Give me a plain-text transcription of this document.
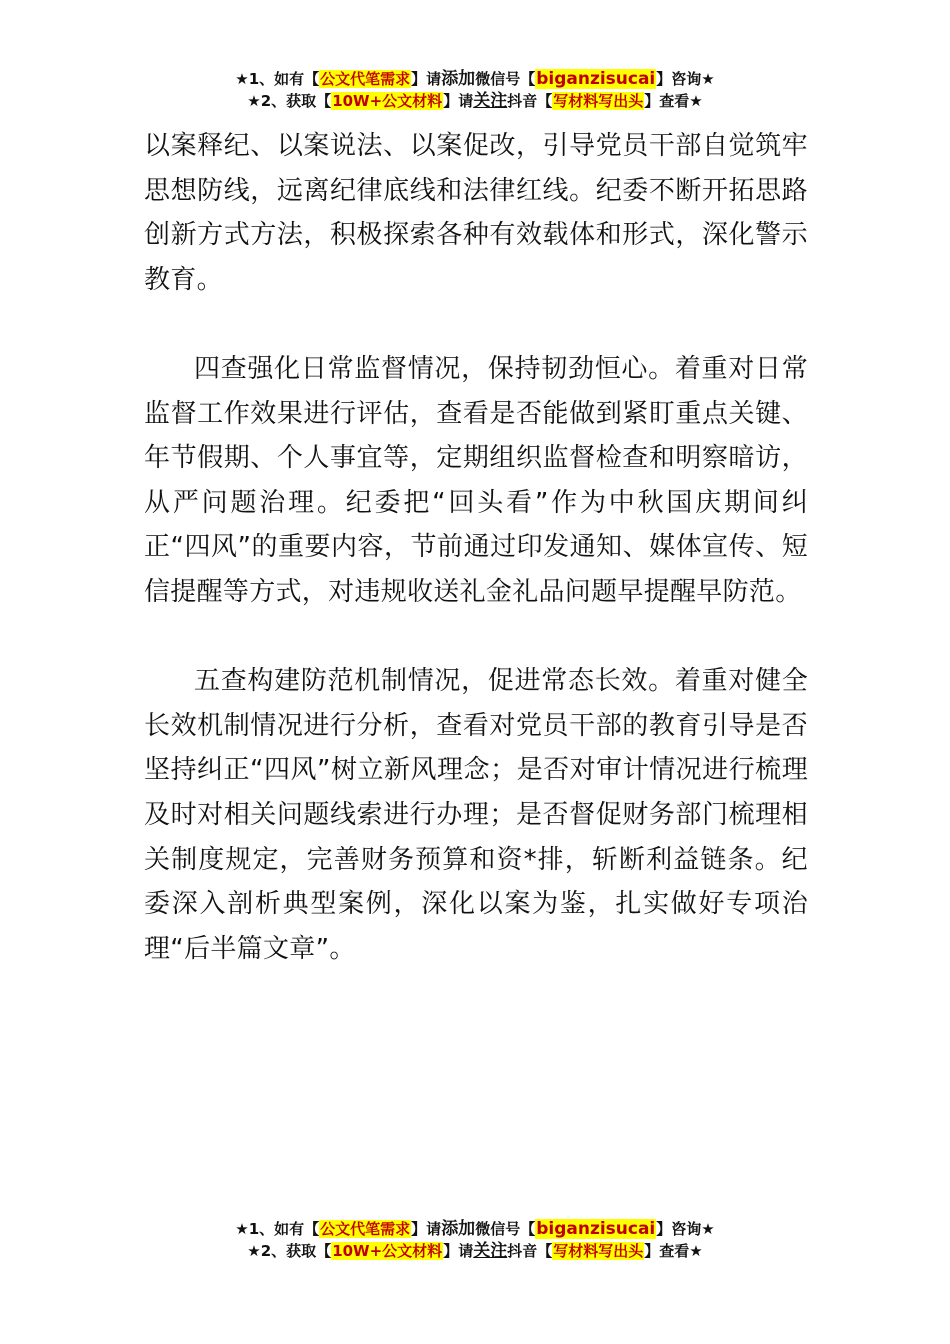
★1、如有【公文代笔需求】请添加微信号【biganzisucai】咨询★
★2、获取【10W+公文材料】请关注抖音【写材料写出头】查看★

以案释纪、以案说法、以案促改，引导党员干部自觉筑牢思想防线，远离纪律底线和法律红线。纪委不断开拓思路创新方式方法，积极探索各种有效载体和形式，深化警示教育。

四查强化日常监督情况，保持韧劲恒心。着重对日常监督工作效果进行评估，查看是否能做到紧盯重点关键、年节假期、个人事宜等，定期组织监督检查和明察暗访，从严问题治理。纪委把“回头看”作为中秋国庆期间纠正“四风”的重要内容，节前通过印发通知、媒体宣传、短信提醒等方式，对违规收送礼金礼品问题早提醒早防范。

五查构建防范机制情况，促进常态长效。着重对健全长效机制情况进行分析，查看对党员干部的教育引导是否坚持纠正“四风”树立新风理念；是否对审计情况进行梳理及时对相关问题线索进行办理；是否督促财务部门梳理相关制度规定，完善财务预算和资*排，斩断利益链条。纪委深入剖析典型案例，深化以案为鉴，扎实做好专项治理“后半篇文章”。

★1、如有【公文代笔需求】请添加微信号【biganzisucai】咨询★
★2、获取【10W+公文材料】请关注抖音【写材料写出头】查看★
